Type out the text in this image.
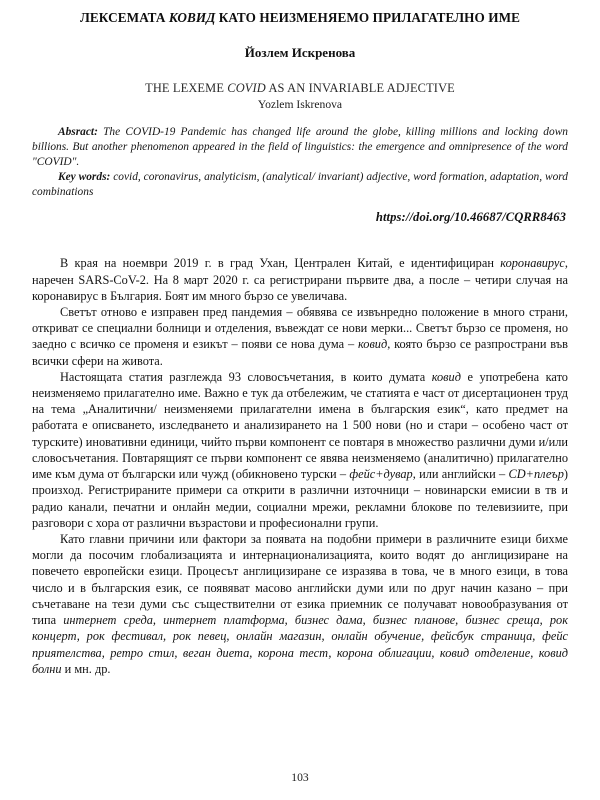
ЛЕКСЕМАТА КОВИД КАТО НЕИЗМЕНЯЕМО ПРИЛАГАТЕЛНО ИМЕ
Йозлем Искренова
THE LEXEME COVID AS AN INVARIABLE ADJECTIVE
Yozlem Iskrenova

Absract: The COVID-19 Pandemic has changed life around the globe, killing millions and locking down billions. But another phenomenon appeared in the field of linguistics: the emergence and omnipresence of the word "COVID".

Key words: covid, coronavirus, analyticism, (analytical/ invariant) adjective, word formation, adaptation, word combinations

https://doi.org/10.46687/CQRR8463

В края на ноември 2019 г. в град Ухан, Централен Китай, е идентифициран коронавирус, наречен SARS-CoV-2. На 8 март 2020 г. са регистрирани първите два, а после – четири случая на коронавирус в България. Боят им много бързо се увеличава.

Светът отново е изправен пред пандемия – обявява се извънредно положение в много страни, откриват се специални болници и отделения, въвеждат се нови мерки... Светът бързо се променя, но заедно с всичко се променя и езикът – появи се нова дума – ковид, която бързо се разпространи във всички сфери на живота.

Настоящата статия разглежда 93 словосъчетания, в които думата ковид е употребена като неизменяемо прилагателно име. Важно е тук да отбележим, че статията е част от дисертационен труд на тема „Аналитични/ неизменяеми прилагателни имена в българския език“, като предмет на работата е описването, изследването и анализирането на 1 500 нови (но и стари – особено част от турските) иновативни единици, чийто първи компонент се повтаря в множество различни думи и/или словосъчетания. Повтарящият се първи компонент се явява неизменяемо (аналитично) прилагателно име към дума от български или чужд (обикновено турски – фейс+дувар, или английски – CD+плеър) произход. Регистрираните примери са открити в различни източници – новинарски емисии в тв и радио канали, печатни и онлайн медии, социални мрежи, рекламни блокове по телевизиите, при разговори с хора от различни възрастови и професионални групи.

Като главни причини или фактори за появата на подобни примери в различните езици бихме могли да посочим глобализацията и интернационализацията, които водят до англицизиране на повечето европейски езици. Процесът англицизиране се изразява в това, че в много езици, в това число и в българския език, се появяват масово английски думи или по друг начин казано – при съчетаване на тези думи със съществителни от езика приемник се получават новообразувания от типа интернет среда, интернет платформа, бизнес дама, бизнес планове, бизнес среща, рок концерт, рок фестивал, рок певец, онлайн магазин, онлайн обучение, фейсбук страница, фейс приятелства, ретро стил, веган диета, корона тест, корона облигации, ковид отделение, ковид болни и мн. др.

103
